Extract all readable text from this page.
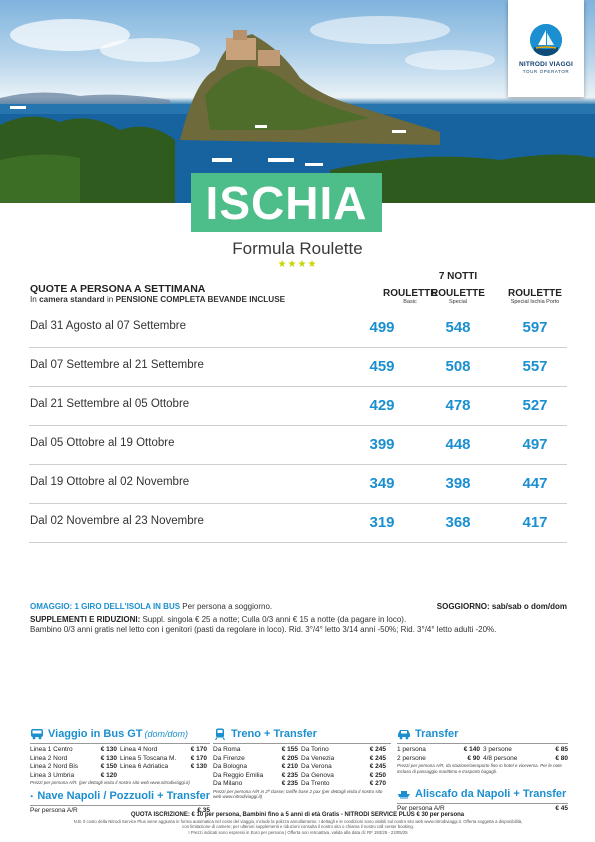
NITRODI VIAGGI
TOUR OPERATOR
ISCHIA
Formula Roulette
★★★★
QUOTE A PERSONA A SETTIMANA
In camera standard in PENSIONE COMPLETA BEVANDE INCLUSE
7 NOTTI
ROULETTE
Basic
ROULETTE
Special
ROULETTE
Special Ischia Porto
Dal 31 Agosto al 07 Settembre	499	548	597
Dal 07 Settembre al 21 Settembre	459	508	557
Dal 21 Settembre al 05 Ottobre	429	478	527
Dal 05 Ottobre al 19 Ottobre	399	448	497
Dal 19 Ottobre al 02 Novembre	349	398	447
Dal 02 Novembre al 23 Novembre	319	368	417
OMAGGIO: 1 GIRO DELL'ISOLA IN BUS Per persona a soggiorno.	SOGGIORNO: sab/sab o dom/dom
SUPPLEMENTI E RIDUZIONI: Suppl. singola € 25 a notte; Culla 0/3 anni € 15 a notte (da pagare in loco).
Bambino 0/3 anni gratis nel letto con i genitori (pasti da regolare in loco). Rid. 3°/4° letto 3/14 anni -50%; Rid. 3°/4° letto adulti -20%.
Viaggio in Bus GT (dom/dom)
Linea 1 Centro	€ 130 Linea 4 Nord	€ 170
Linea 2 Nord	€ 130 Linea 5 Toscana M. € 170
Linea 2 Nord Bis	€ 150 Linea 6 Adriatica	€ 130
Linea 3 Umbria	€ 120
Prezzi per persona A/R. (per dettagli visita il nostro sito web www.nitrodiviaggi.it)
Nave Napoli / Pozzuoli + Transfer
Per persona A/R	€ 35
Treno + Transfer
Da Roma	€ 155 Da Torino	€ 245
Da Firenze	€ 205 Da Venezia	€ 245
Da Bologna	€ 210 Da Verona	€ 245
Da Reggio Emilia	€ 235 Da Genova	€ 250
Da Milano	€ 235 Da Trento	€ 270
Prezzi per persona A/R in 2ª classe; tariffe base 2 pax (per dettagli visita il nostro sito
web www.nitrodiviaggi.it)
Transfer
1 persona	€ 140 3 persone	€ 85
2 persone	€ 90 4/8 persone	€ 80
Prezzi per persona A/R, da stazione/aeroporto fino in hotel e viceversa. Per le note
incluso di passaggio marittimo e trasporto bagagli.
Aliscafo da Napoli + Transfer
Per persona A/R	€ 45
QUOTA ISCRIZIONE: € 10 per persona, Bambini fino a 5 anni di età Gratis - NITRODI SERVICE PLUS € 30 per persona
N.B. Il costo della Nitrodi Service Plus viene aggiunta in forma automatica nel costo del viaggio, include la polizza annullamento. I dettagli e le condizioni sono visibili sul nostro sito web www.nitrodiviaggi.it. Offerta soggetta a disponibilità,
con limitazione di camere; per ulteriori supplementi e riduzioni consulta il nostro sito o chiama il nostro call center booking.
I Prezzi indicati sono espressi in Euro per persona | Offerta non retroattiva, valida alla data di: RF 193/25 - 22/05/25
